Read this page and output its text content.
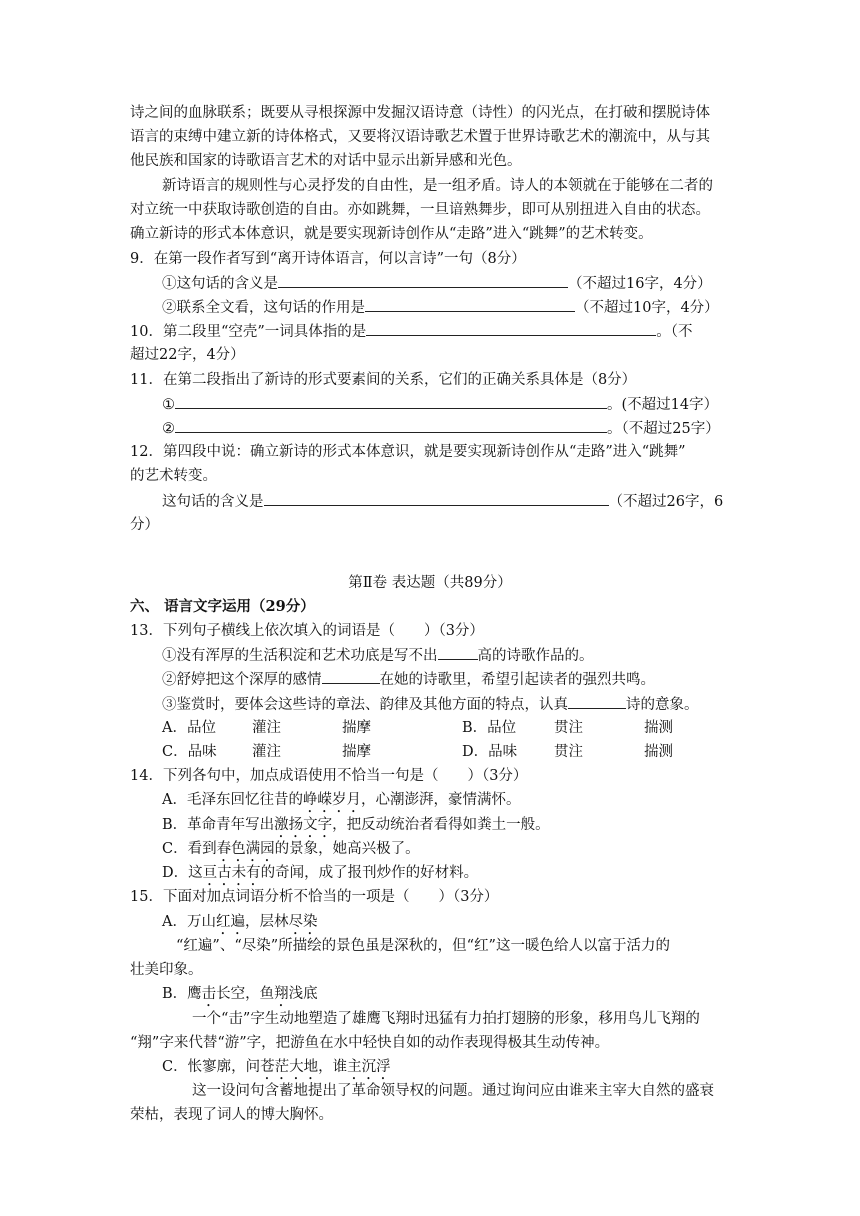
诗之间的血脉联系；既要从寻根探源中发掘汉语诗意（诗性）的闪光点，在打破和摆脱诗体
语言的束缚中建立新的诗体格式，又要将汉语诗歌艺术置于世界诗歌艺术的潮流中，从与其
他民族和国家的诗歌语言艺术的对话中显示出新异感和光色。
新诗语言的规则性与心灵抒发的自由性，是一组矛盾。诗人的本领就在于能够在二者的
对立统一中获取诗歌创造的自由。亦如跳舞，一旦谙熟舞步，即可从别扭进入自由的状态。
确立新诗的形式本体意识，就是要实现新诗创作从“走路”进入“跳舞”的艺术转变。
9．在第一段作者写到“离开诗体语言，何以言诗”一句（8分）
①这句话的含义是	（不超过16字，4分）
②联系全文看，这句话的作用是	（不超过10字，4分）
10．第二段里“空壳”一词具体指的是	。（不
超过22字，4分）
11．在第二段指出了新诗的形式要素间的关系，它们的正确关系具体是（8分）
①	。(不超过14字）
②	。（不超过25字）
12．第四段中说：确立新诗的形式本体意识，就是要实现新诗创作从“走路”进入“跳舞”
的艺术转变。
这句话的含义是	（不超过26字，6
分）
第Ⅱ卷 表达题（共89分）
六、 语言文字运用（29分）
13．下列句子横线上依次填入的词语是（　　）（3分）
①没有浑厚的生活积淀和艺术功底是写不出	高的诗歌作品的。
②舒婷把这个深厚的感情	在她的诗歌里，希望引起读者的强烈共鸣。
③鉴赏时，要体会这些诗的章法、韵律及其他方面的特点，认真	诗的意象。
A．品位 灌注	揣摩	B．品位	贯注	揣测
C．品味 灌注	揣摩	D．品味	贯注	揣测
14．下列各句中，加点成语使用不恰当一句是（　　）（3分）
A．毛泽东回忆往昔的峥嵘岁月，心潮澎湃，豪情满怀。
B．革命青年写出激扬文字，把反动统治者看得如粪土一般。
C．看到春色满园的景象，她高兴极了。
D．这亘古未有的奇闻，成了报刊炒作的好材料。
15．下面对加点词语分析不恰当的一项是（　　）（3分）
A．万山红遍，层林尽染
“红遍”、“尽染”所描绘的景色虽是深秋的，但“红”这一暖色给人以富于活力的
壮美印象。
B．鹰击长空，鱼翔浅底
一个“击”字生动地塑造了雄鹰飞翔时迅猛有力拍打翅膀的形象，移用鸟儿飞翔的
“翔”字来代替“游”字，把游鱼在水中轻快自如的动作表现得极其生动传神。
C．怅寥廓，问苍茫大地，谁主沉浮
这一设问句含蓄地提出了革命领导权的问题。通过询问应由谁来主宰大自然的盛衰
荣枯，表现了词人的博大胸怀。
